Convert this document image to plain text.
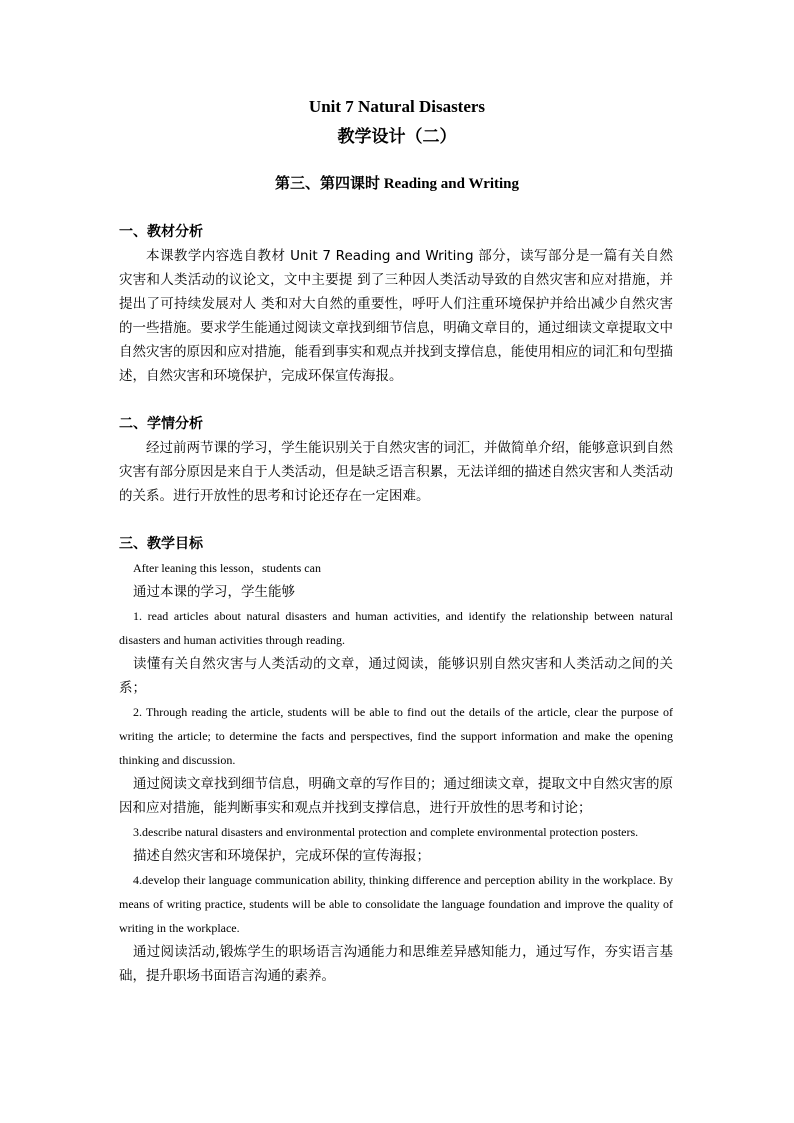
Unit 7 Natural Disasters
教学设计（二）
第三、第四课时 Reading and Writing

一、教材分析

本课教学内容选自教材 Unit 7 Reading and Writing 部分，读写部分是一篇有关自然灾害和人类活动的议论文，文中主要提 到了三种因人类活动导致的自然灾害和应对措施，并提出了可持续发展对人 类和对大自然的重要性，呼吁人们注重环境保护并给出减少自然灾害的一些措施。要求学生能通过阅读文章找到细节信息，明确文章目的，通过细读文章提取文中自然灾害的原因和应对措施，能看到事实和观点并找到支撑信息，能使用相应的词汇和句型描述，自然灾害和环境保护，完成环保宣传海报。

二、学情分析

经过前两节课的学习，学生能识别关于自然灾害的词汇，并做简单介绍，能够意识到自然灾害有部分原因是来自于人类活动，但是缺乏语言积累，无法详细的描述自然灾害和人类活动的关系。进行开放性的思考和讨论还存在一定困难。

三、教学目标

After leaning this lesson，students can

通过本课的学习，学生能够

1. read articles about natural disasters and human activities, and identify the relationship between natural disasters and human activities through reading.

读懂有关自然灾害与人类活动的文章，通过阅读，能够识别自然灾害和人类活动之间的关系；

2. Through reading the article, students will be able to find out the details of the article, clear the purpose of writing the article; to determine the facts and perspectives, find the support information and make the opening thinking and discussion.

通过阅读文章找到细节信息，明确文章的写作目的；通过细读文章，提取文中自然灾害的原因和应对措施，能判断事实和观点并找到支撑信息，进行开放性的思考和讨论；

3.describe natural disasters and environmental protection and complete environmental protection posters.

描述自然灾害和环境保护，完成环保的宣传海报；

4.develop their language communication ability, thinking difference and perception ability in the workplace. By means of writing practice, students will be able to consolidate the language foundation and improve the quality of writing in the workplace.

通过阅读活动,锻炼学生的职场语言沟通能力和思维差异感知能力，通过写作，夯实语言基础，提升职场书面语言沟通的素养。
